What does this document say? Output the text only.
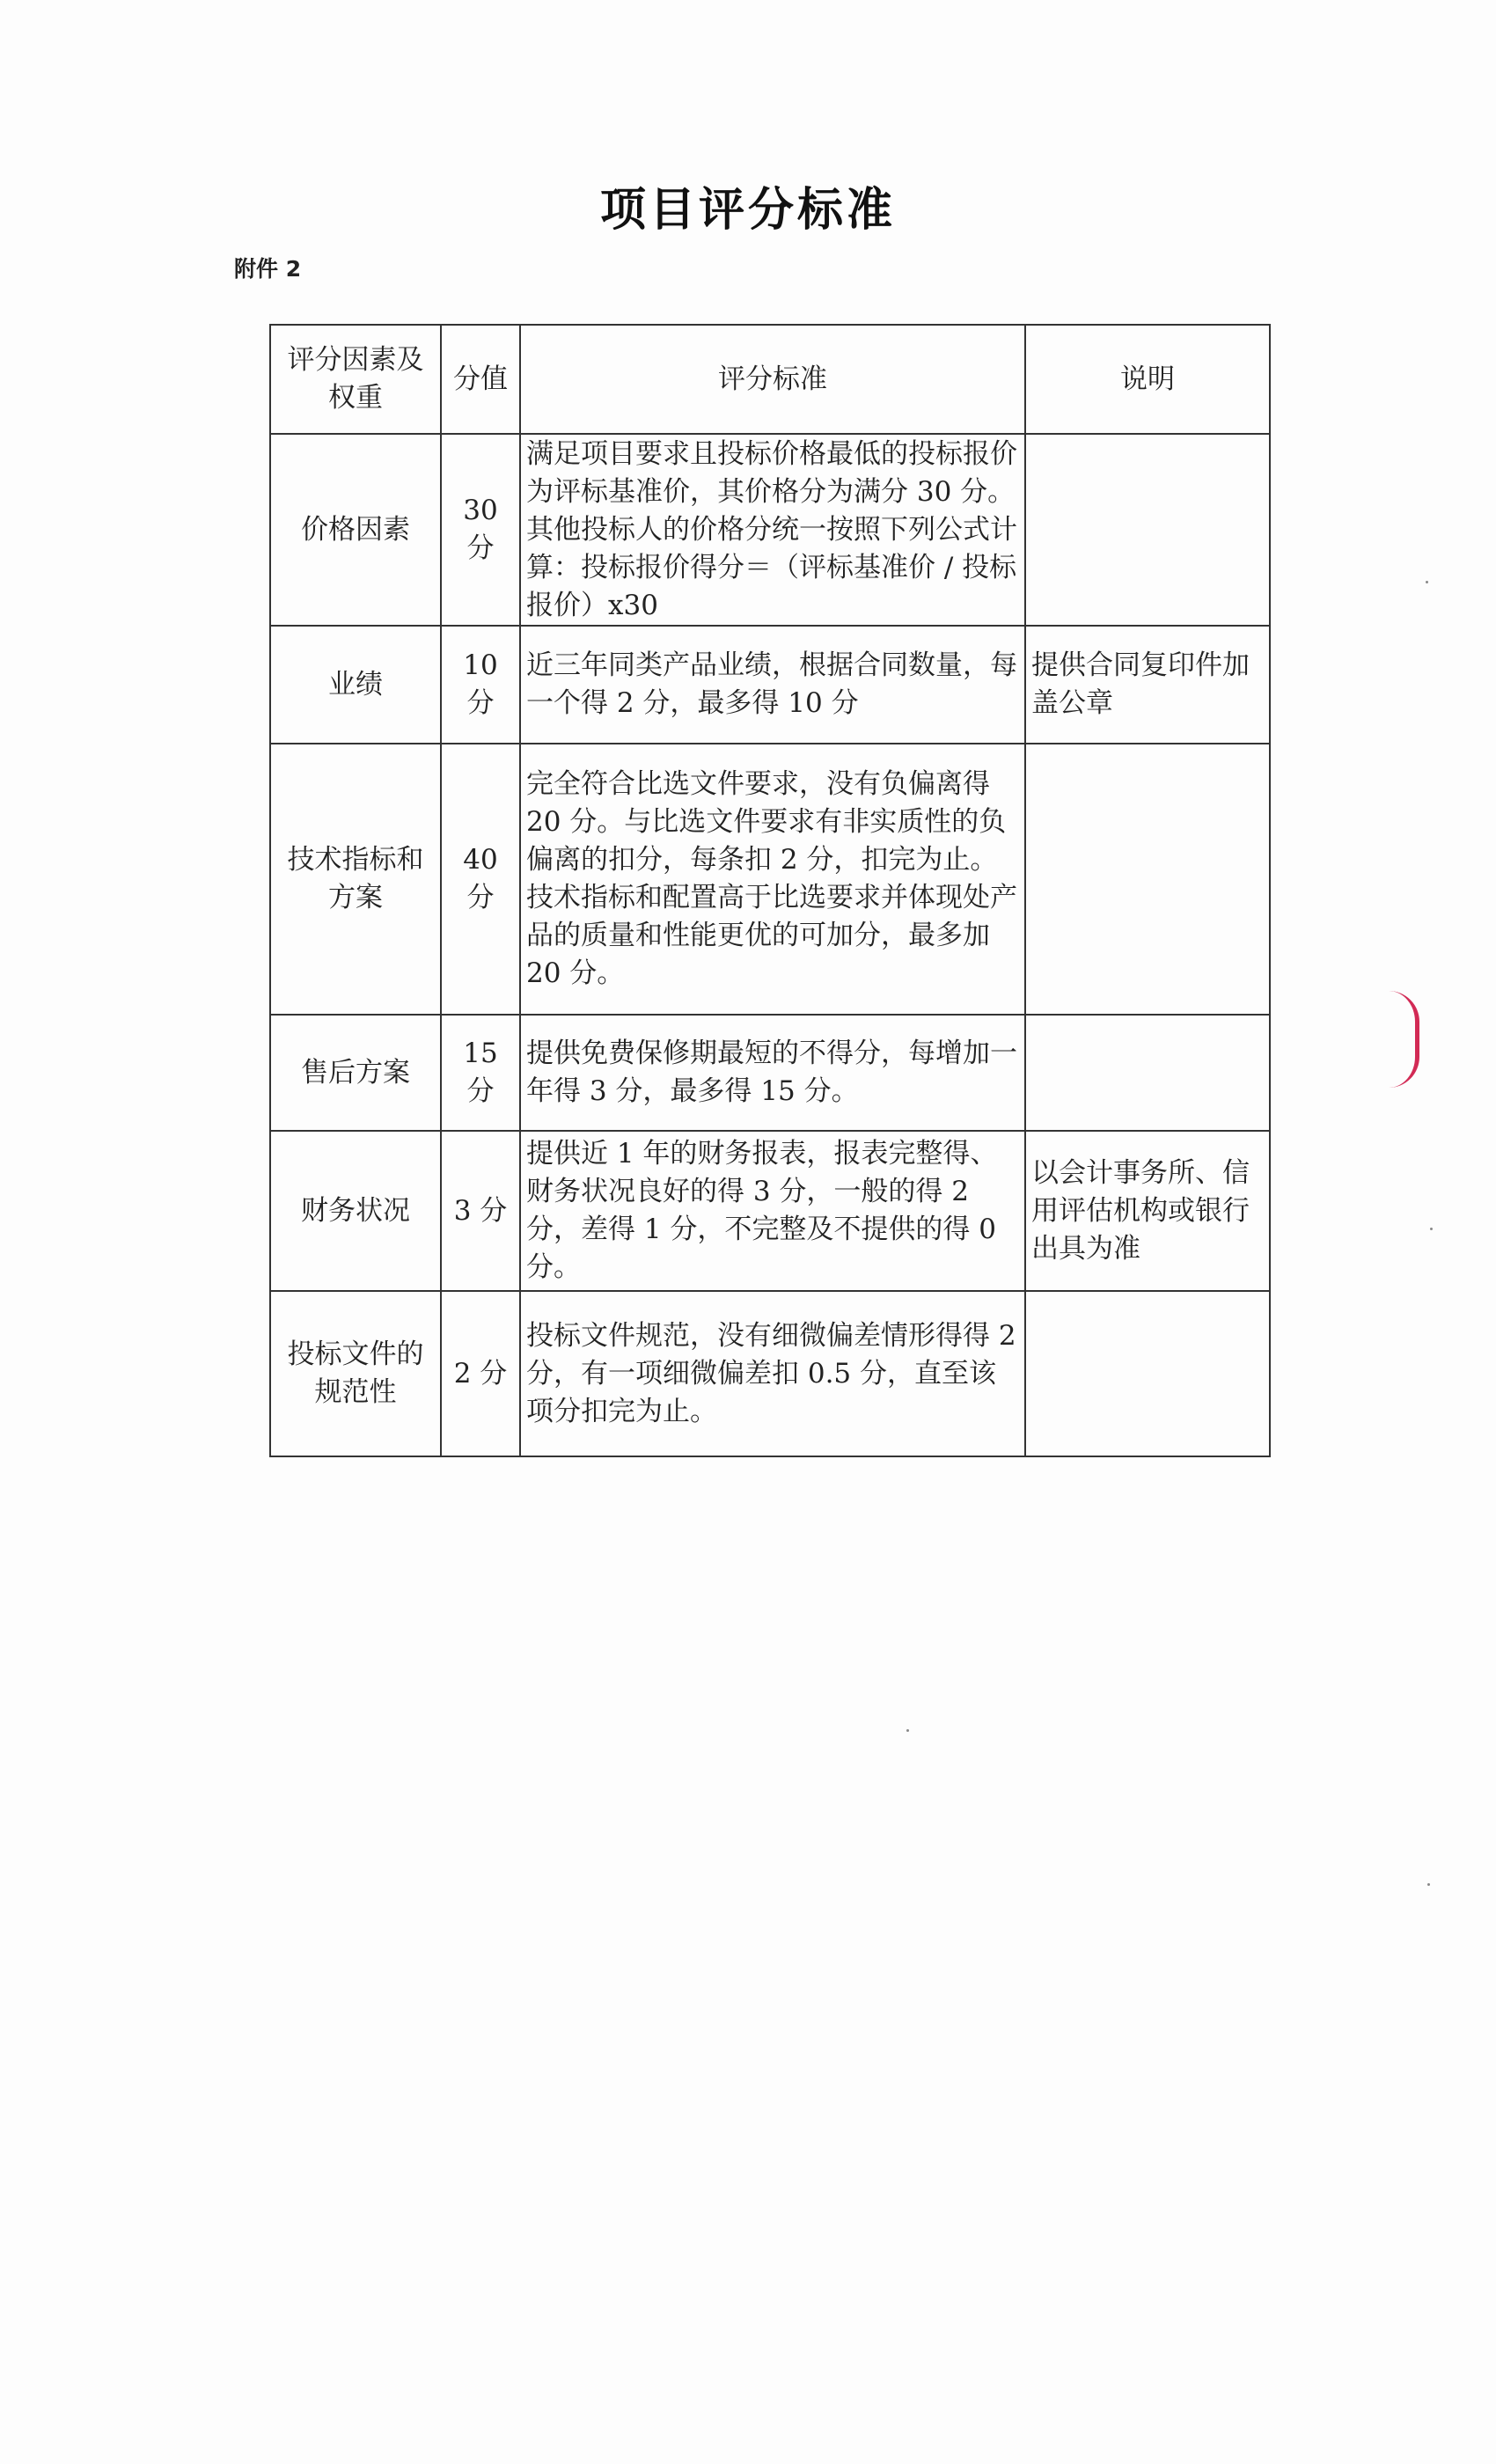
项目评分标准
附件 2
评分因素及权重	分值	评分标准	说明
价格因素	30 分	满足项目要求且投标价格最低的投标报价为评标基准价，其价格分为满分 30 分。其他投标人的价格分统一按照下列公式计算：投标报价得分＝（评标基准价 / 投标报价）x30	
业绩	10 分	近三年同类产品业绩，根据合同数量，每一个得 2 分，最多得 10 分	提供合同复印件加盖公章
技术指标和方案	40 分	完全符合比选文件要求，没有负偏离得 20 分。与比选文件要求有非实质性的负偏离的扣分，每条扣 2 分，扣完为止。技术指标和配置高于比选要求并体现处产品的质量和性能更优的可加分，最多加 20 分。	
售后方案	15 分	提供免费保修期最短的不得分，每增加一年得 3 分，最多得 15 分。	
财务状况	3 分	提供近 1 年的财务报表，报表完整得、财务状况良好的得 3 分，一般的得 2 分，差得 1 分，不完整及不提供的得 0 分。	以会计事务所、信用评估机构或银行出具为准
投标文件的规范性	2 分	投标文件规范，没有细微偏差情形得得 2 分，有一项细微偏差扣 0.5 分，直至该项分扣完为止。	
